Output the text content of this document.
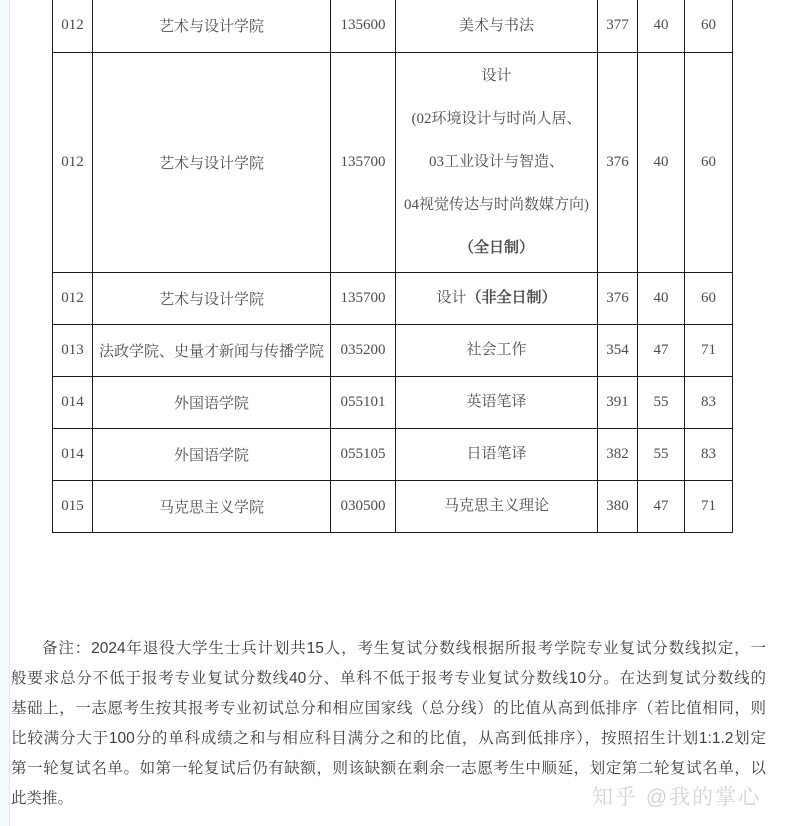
012	艺术与设计学院	135600	美术与书法	377	40	60
012	艺术与设计学院	135700	设计
(02环境设计与时尚人居、
03工业设计与智造、
04视觉传达与时尚数媒方向)
（全日制）	376	40	60
012	艺术与设计学院	135700	设计（非全日制）	376	40	60
013	法政学院、史量才新闻与传播学院	035200	社会工作	354	47	71
014	外国语学院	055101	英语笔译	391	55	83
014	外国语学院	055105	日语笔译	382	55	83
015	马克思主义学院	030500	马克思主义理论	380	47	71
备注：2024年退役大学生士兵计划共15人，考生复试分数线根据所报考学院专业复试分数线拟定，一
般要求总分不低于报考专业复试分数线40分、单科不低于报考专业复试分数线10分。在达到复试分数线的
基础上，一志愿考生按其报考专业初试总分和相应国家线（总分线）的比值从高到低排序（若比值相同，则
比较满分大于100分的单科成绩之和与相应科目满分之和的比值，从高到低排序），按照招生计划1:1.2划定
第一轮复试名单。如第一轮复试后仍有缺额，则该缺额在剩余一志愿考生中顺延，划定第二轮复试名单，以
此类推。	知乎 @我的掌心
